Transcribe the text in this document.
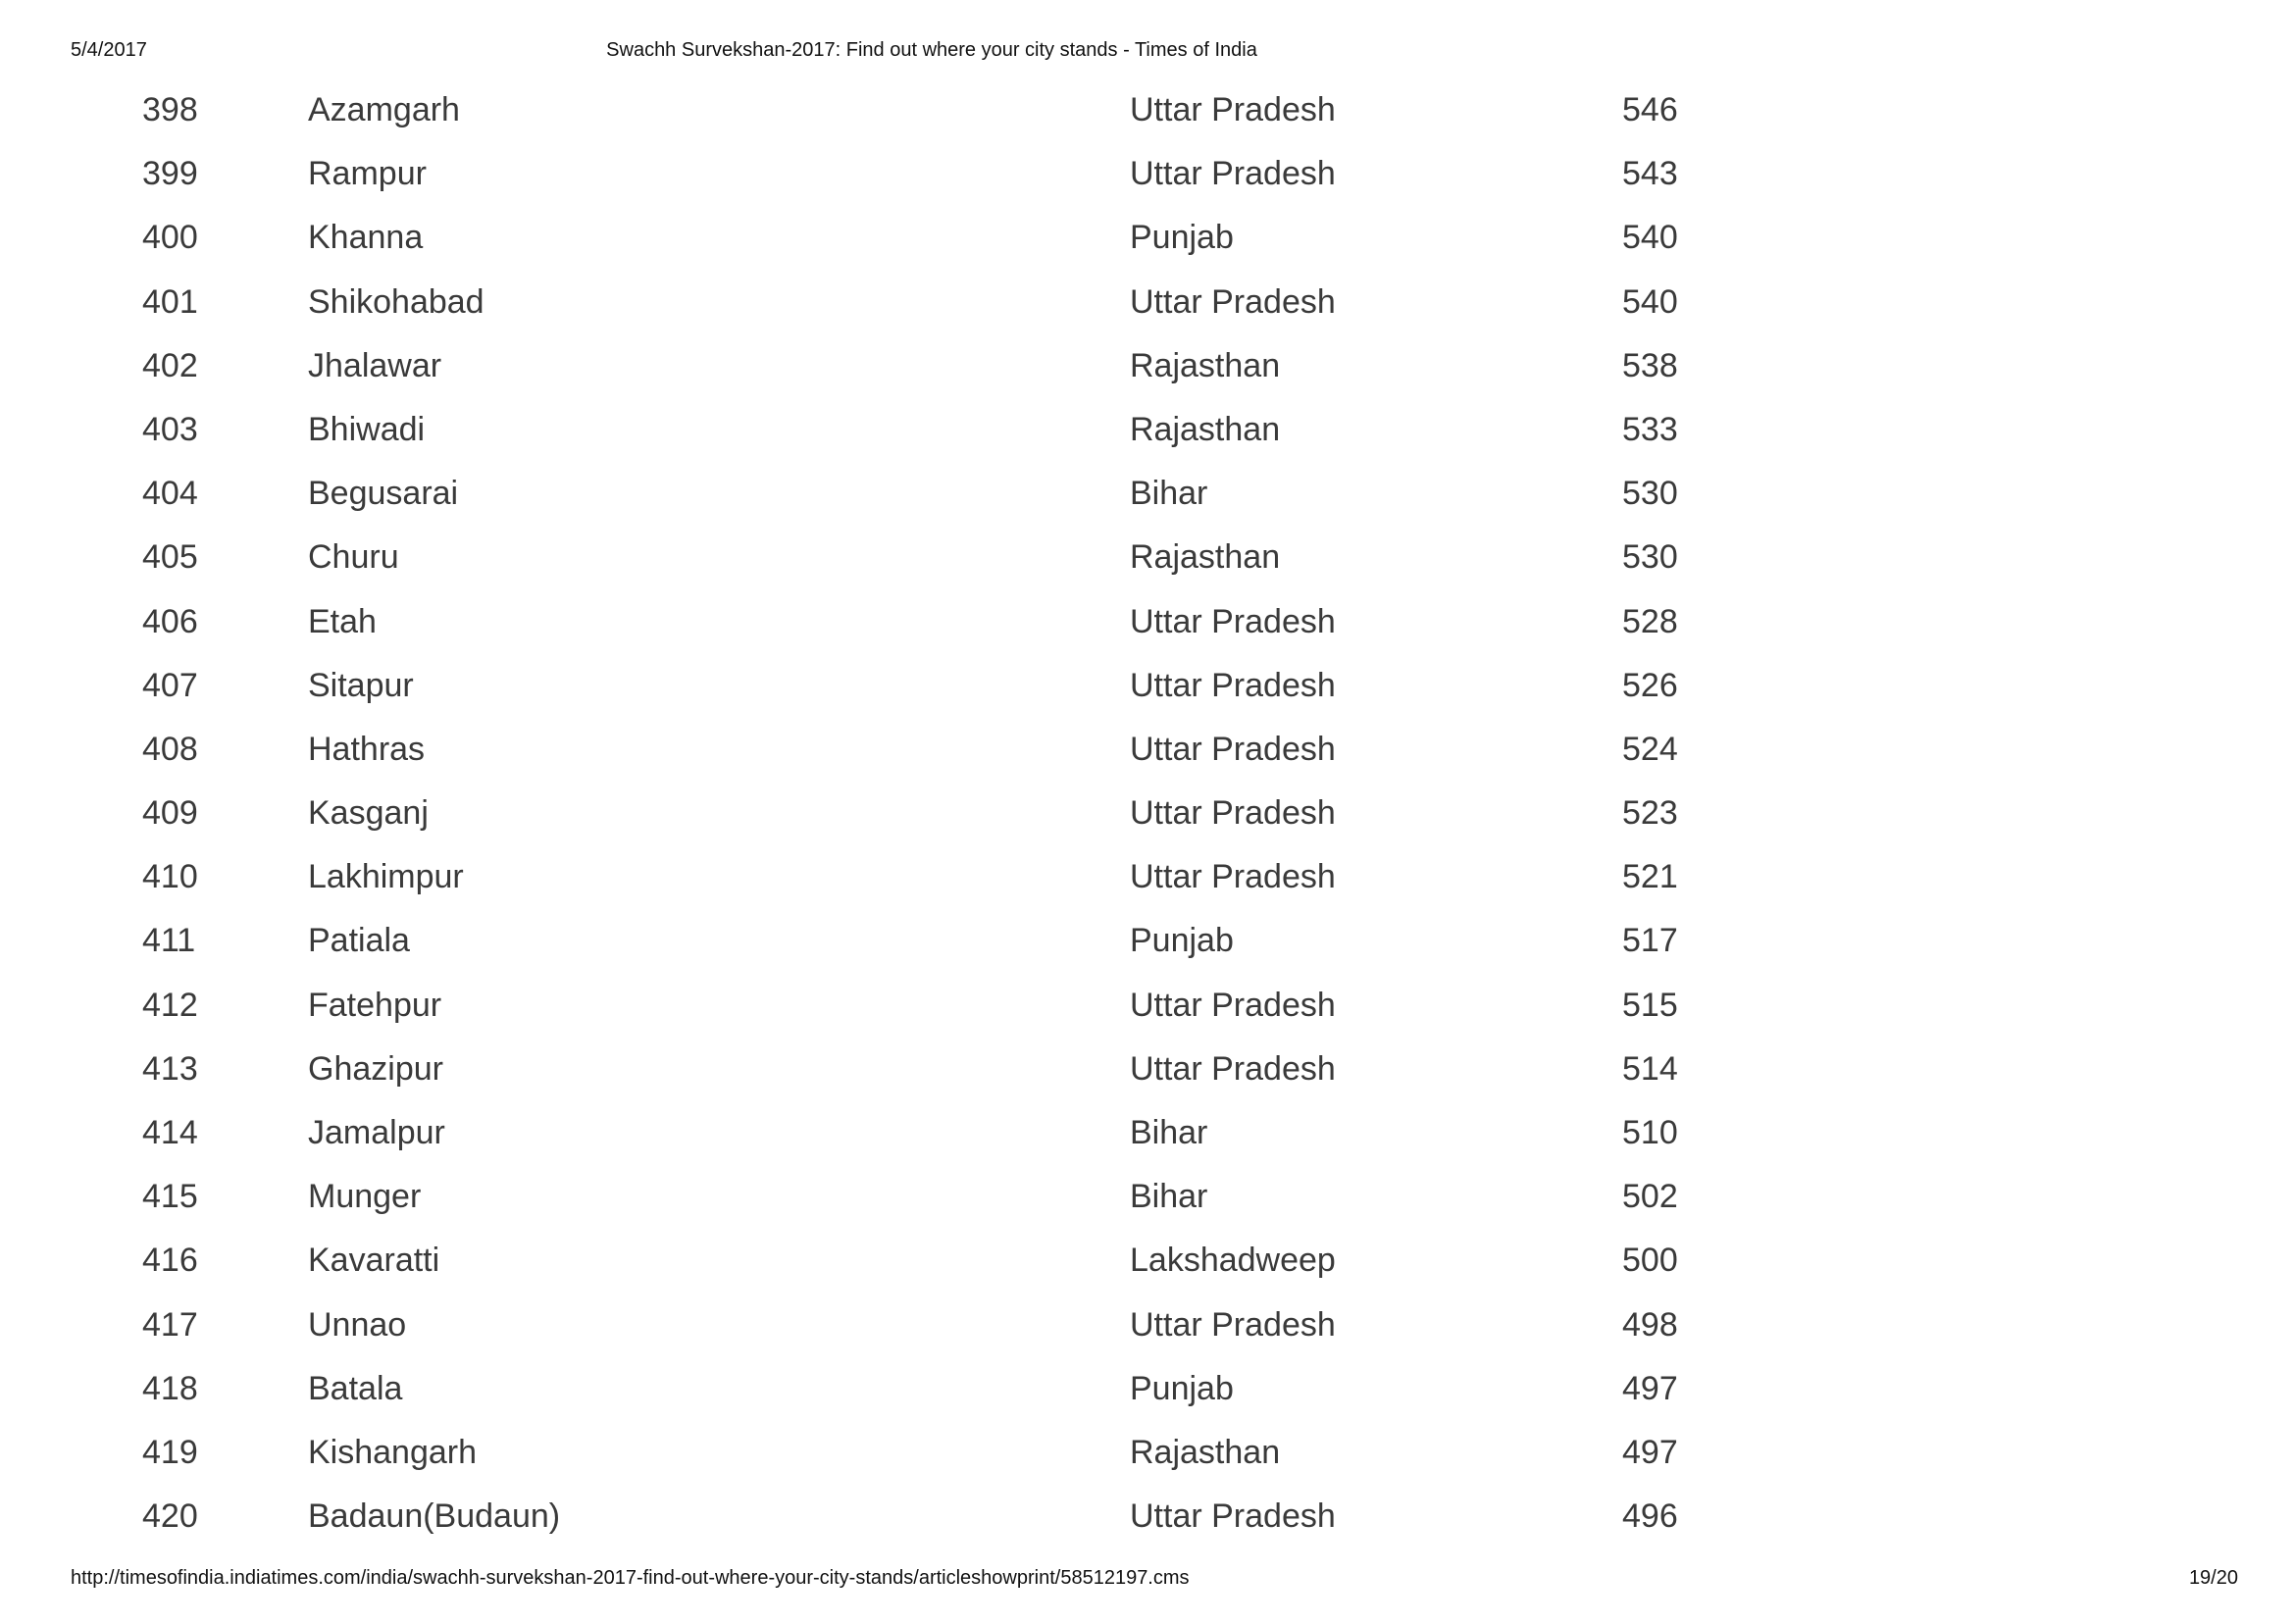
5/4/2017	Swachh Survekshan-2017: Find out where your city stands - Times of India
398	Azamgarh	Uttar Pradesh	546
399	Rampur	Uttar Pradesh	543
400	Khanna	Punjab	540
401	Shikohabad	Uttar Pradesh	540
402	Jhalawar	Rajasthan	538
403	Bhiwadi	Rajasthan	533
404	Begusarai	Bihar	530
405	Churu	Rajasthan	530
406	Etah	Uttar Pradesh	528
407	Sitapur	Uttar Pradesh	526
408	Hathras	Uttar Pradesh	524
409	Kasganj	Uttar Pradesh	523
410	Lakhimpur	Uttar Pradesh	521
411	Patiala	Punjab	517
412	Fatehpur	Uttar Pradesh	515
413	Ghazipur	Uttar Pradesh	514
414	Jamalpur	Bihar	510
415	Munger	Bihar	502
416	Kavaratti	Lakshadweep	500
417	Unnao	Uttar Pradesh	498
418	Batala	Punjab	497
419	Kishangarh	Rajasthan	497
420	Badaun(Budaun)	Uttar Pradesh	496
http://timesofindia.indiatimes.com/india/swachh-survekshan-2017-find-out-where-your-city-stands/articleshowprint/58512197.cms	19/20
